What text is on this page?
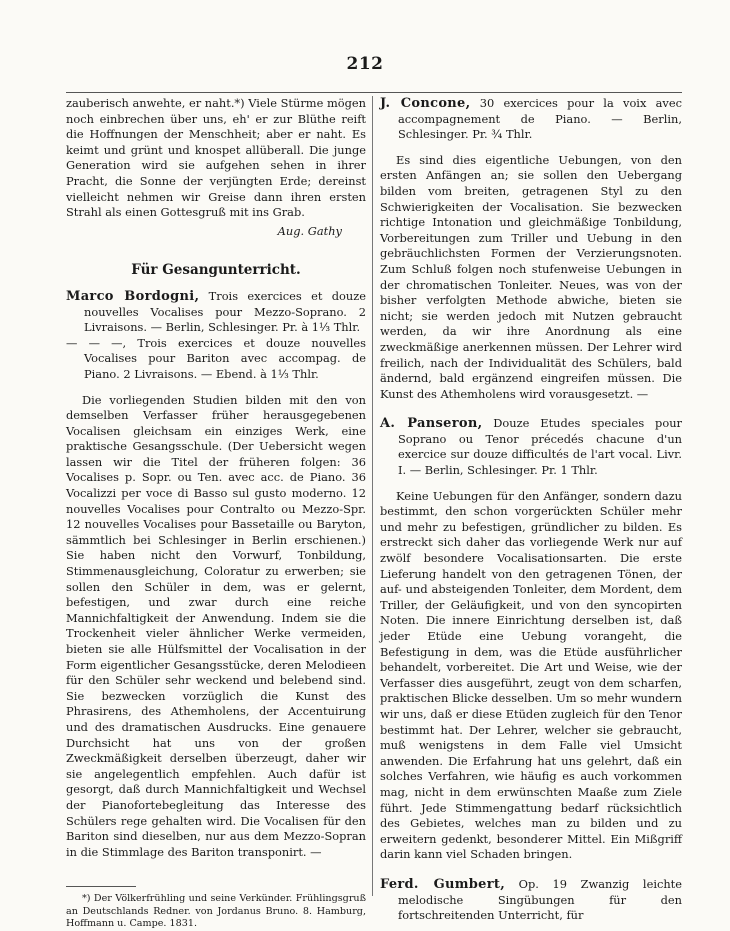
212

zauberisch anwehte, er naht.*) Viele Stürme mögen noch einbrechen über uns, eh' er zur Blüthe reift die Hoffnungen der Menschheit; aber er naht. Es keimt und grünt und knospet allüberall. Die junge Generation wird sie aufgehen sehen in ihrer Pracht, die Sonne der verjüngten Erde; dereinst vielleicht nehmen wir Greise dann ihren ersten Strahl als einen Gottesgruß mit ins Grab.

Aug. Gathy

Für Gesangunterricht.

Marco Bordogni, Trois exercices et douze nouvelles Vocalises pour Mezzo-Soprano. 2 Livraisons. — Berlin, Schlesinger. Pr. à 1⅓ Thlr.

— — —, Trois exercices et douze nouvelles Vocalises pour Bariton avec accompag. de Piano. 2 Livraisons. — Ebend. à 1⅓ Thlr.

Die vorliegenden Studien bilden mit den von demselben Verfasser früher herausgegebenen Vocalisen gleichsam ein einziges Werk, eine praktische Gesangsschule. (Der Uebersicht wegen lassen wir die Titel der früheren folgen: 36 Vocalises p. Sopr. ou Ten. avec acc. de Piano. 36 Vocalizzi per voce di Basso sul gusto moderno. 12 nouvelles Vocalises pour Contralto ou Mezzo-Spr. 12 nouvelles Vocalises pour Bassetaille ou Baryton, sämmtlich bei Schlesinger in Berlin erschienen.) Sie haben nicht den Vorwurf, Tonbildung, Stimmenausgleichung, Coloratur zu erwerben; sie sollen den Schüler in dem, was er gelernt, befestigen, und zwar durch eine reiche Mannichfaltigkeit der Anwendung. Indem sie die Trockenheit vieler ähnlicher Werke vermeiden, bieten sie alle Hülfsmittel der Vocalisation in der Form eigentlicher Gesangsstücke, deren Melodieen für den Schüler sehr weckend und belebend sind. Sie bezwecken vorzüglich die Kunst des Phrasirens, des Athemholens, der Accentuirung und des dramatischen Ausdrucks. Eine genauere Durchsicht hat uns von der großen Zweckmäßigkeit derselben überzeugt, daher wir sie angelegentlich empfehlen. Auch dafür ist gesorgt, daß durch Mannichfaltigkeit und Wechsel der Pianofortebegleitung das Interesse des Schülers rege gehalten wird. Die Vocalisen für den Bariton sind dieselben, nur aus dem Mezzo-Sopran in die Stimmlage des Bariton transponirt. —

*) Der Völkerfrühling und seine Verkünder. Frühlingsgruß an Deutschlands Redner. von Jordanus Bruno. 8. Hamburg, Hoffmann u. Campe. 1831.

J. Concone, 30 exercices pour la voix avec accompagnement de Piano. — Berlin, Schlesinger. Pr. ¾ Thlr.

Es sind dies eigentliche Uebungen, von den ersten Anfängen an; sie sollen den Uebergang bilden vom breiten, getragenen Styl zu den Schwierigkeiten der Vocalisation. Sie bezwecken richtige Intonation und gleichmäßige Tonbildung, Vorbereitungen zum Triller und Uebung in den gebräuchlichsten Formen der Verzierungsnoten. Zum Schluß folgen noch stufenweise Uebungen in der chromatischen Tonleiter. Neues, was von der bisher verfolgten Methode abwiche, bieten sie nicht; sie werden jedoch mit Nutzen gebraucht werden, da wir ihre Anordnung als eine zweckmäßige anerkennen müssen. Der Lehrer wird freilich, nach der Individualität des Schülers, bald ändernd, bald ergänzend eingreifen müssen. Die Kunst des Athemholens wird vorausgesetzt. —

A. Panseron, Douze Etudes speciales pour Soprano ou Tenor précedés chacune d'un exercice sur douze difficultés de l'art vocal. Livr. I. — Berlin, Schlesinger. Pr. 1 Thlr.

Keine Uebungen für den Anfänger, sondern dazu bestimmt, den schon vorgerückten Schüler mehr und mehr zu befestigen, gründlicher zu bilden. Es erstreckt sich daher das vorliegende Werk nur auf zwölf besondere Vocalisationsarten. Die erste Lieferung handelt von den getragenen Tönen, der auf- und absteigenden Tonleiter, dem Mordent, dem Triller, der Geläufigkeit, und von den syncopirten Noten. Die innere Einrichtung derselben ist, daß jeder Etüde eine Uebung vorangeht, die Befestigung in dem, was die Etüde ausführlicher behandelt, vorbereitet. Die Art und Weise, wie der Verfasser dies ausgeführt, zeugt von dem scharfen, praktischen Blicke desselben. Um so mehr wundern wir uns, daß er diese Etüden zugleich für den Tenor bestimmt hat. Der Lehrer, welcher sie gebraucht, muß wenigstens in dem Falle viel Umsicht anwenden. Die Erfahrung hat uns gelehrt, daß ein solches Verfahren, wie häufig es auch vorkommen mag, nicht in dem erwünschten Maaße zum Ziele führt. Jede Stimmengattung bedarf rücksichtlich des Gebietes, welches man zu bilden und zu erweitern gedenkt, besonderer Mittel. Ein Mißgriff darin kann viel Schaden bringen.

Ferd. Gumbert, Op. 19 Zwanzig leichte melodische Singübungen für den fortschreitenden Unterricht, für
